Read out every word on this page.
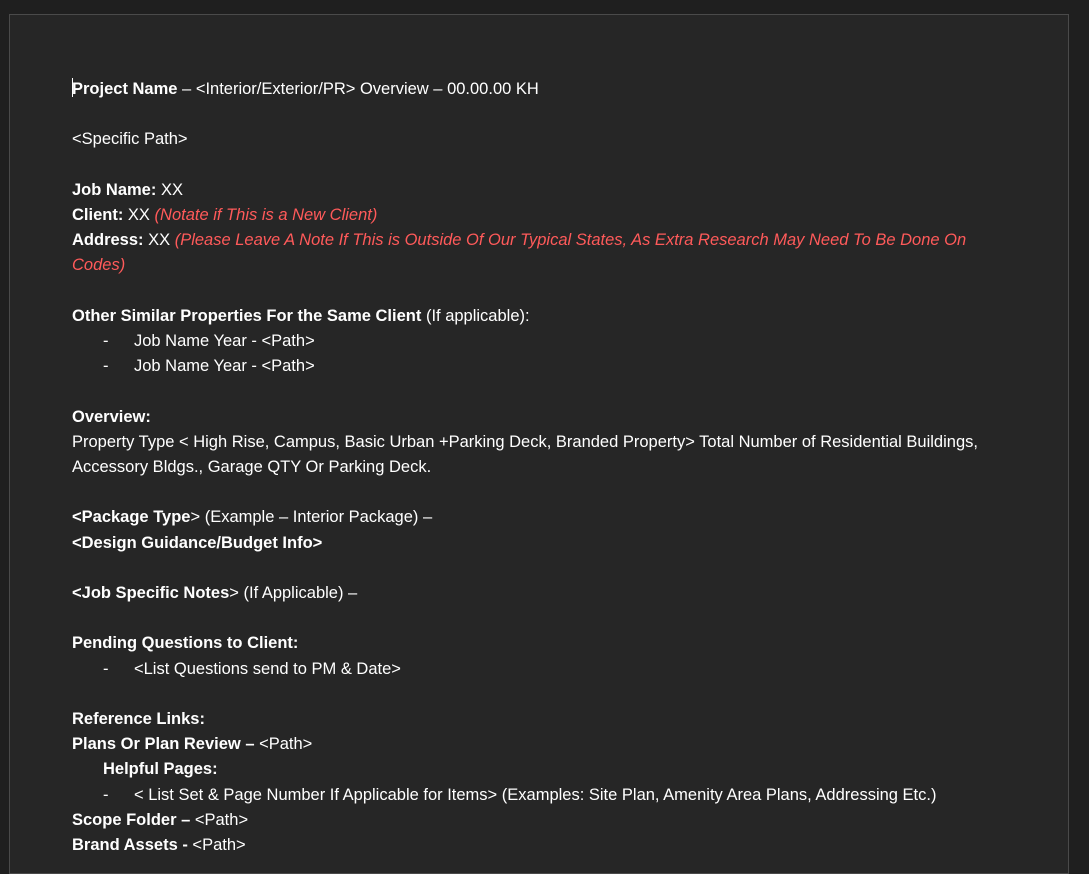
Project Name – <Interior/Exterior/PR> Overview – 00.00.00 KH
<Specific Path>
Job Name: XX
Client: XX (Notate if This is a New Client)
Address: XX (Please Leave A Note If This is Outside Of Our Typical States, As Extra Research May Need To Be Done On Codes)
Other Similar Properties For the Same Client (If applicable):
- Job Name Year - <Path>
- Job Name Year - <Path>
Overview:
Property Type < High Rise, Campus, Basic Urban +Parking Deck, Branded Property> Total Number of Residential Buildings, Accessory Bldgs., Garage QTY Or Parking Deck.
<Package Type> (Example – Interior Package) –
<Design Guidance/Budget Info>
<Job Specific Notes> (If Applicable) –
Pending Questions to Client:
- <List Questions send to PM & Date>
Reference Links:
Plans Or Plan Review – <Path>
Helpful Pages:
- < List Set & Page Number If Applicable for Items> (Examples: Site Plan, Amenity Area Plans, Addressing Etc.)
Scope Folder – <Path>
Brand Assets - <Path>
